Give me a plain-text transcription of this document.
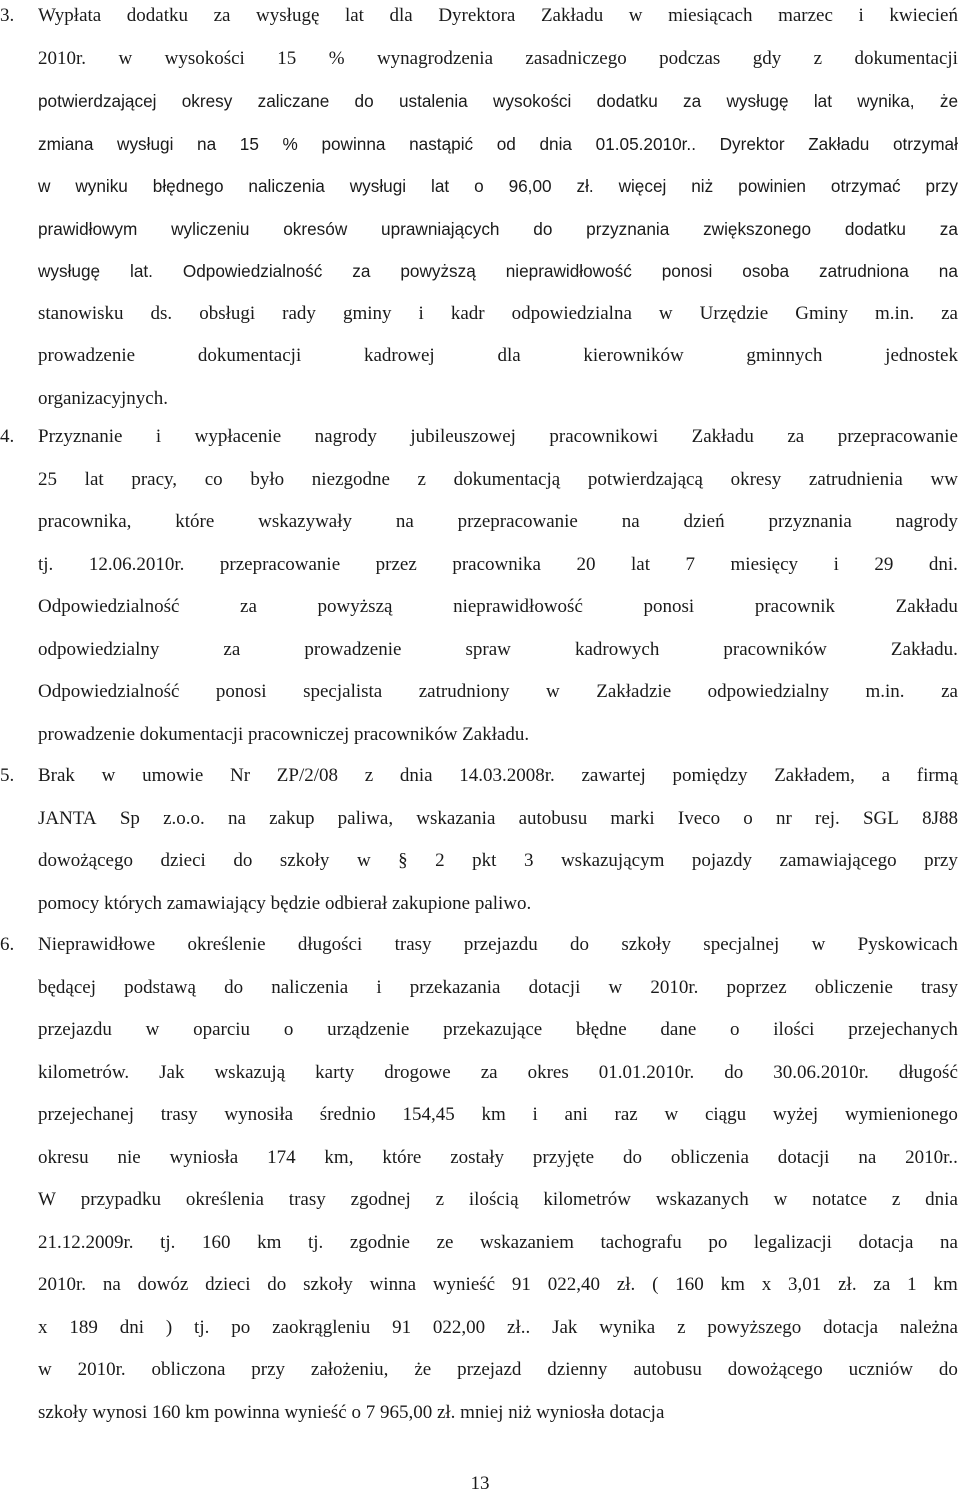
3.	Wypłata dodatku za wysługę lat dla Dyrektora Zakładu w miesiącach marzec i kwiecień
2010r. w wysokości 15 % wynagrodzenia zasadniczego podczas gdy z dokumentacji
potwierdzającej okresy zaliczane do ustalenia wysokości dodatku za wysługę lat wynika, że
zmiana wysługi na 15 % powinna nastąpić od dnia 01.05.2010r.. Dyrektor Zakładu otrzymał
w wyniku błędnego naliczenia wysługi lat o 96,00 zł. więcej niż powinien otrzymać przy
prawidłowym wyliczeniu okresów uprawniających do przyznania zwiększonego dodatku za
wysługę lat. Odpowiedzialność za powyższą nieprawidłowość ponosi osoba zatrudniona na
stanowisku ds. obsługi rady gminy i kadr odpowiedzialna w Urzędzie Gminy m.in. za
prowadzenie	dokumentacji	kadrowej	dla	kierowników	gminnych	jednostek
organizacyjnych.
4.	Przyznanie i wypłacenie nagrody jubileuszowej pracownikowi Zakładu za przepracowanie
25 lat pracy, co było niezgodne z dokumentacją potwierdzającą okresy zatrudnienia ww
pracownika, które wskazywały na przepracowanie na dzień przyznania nagrody
tj. 12.06.2010r. przepracowanie przez pracownika 20 lat 7 miesięcy i 29 dni.
Odpowiedzialność	za	powyższą	nieprawidłowość	ponosi	pracownik	Zakładu
odpowiedzialny	za	prowadzenie	spraw	kadrowych	pracowników	Zakładu.
Odpowiedzialność ponosi specjalista zatrudniony w Zakładzie odpowiedzialny m.in. za
prowadzenie dokumentacji pracowniczej pracowników Zakładu.
5.	Brak w umowie Nr ZP/2/08 z dnia 14.03.2008r. zawartej pomiędzy Zakładem, a firmą
JANTA Sp z.o.o. na zakup paliwa, wskazania autobusu marki Iveco o nr rej. SGL 8J88
dowożącego dzieci do szkoły w § 2 pkt 3 wskazującym pojazdy zamawiającego przy
pomocy których zamawiający będzie odbierał zakupione paliwo.
6.	Nieprawidłowe określenie długości trasy przejazdu do szkoły specjalnej w Pyskowicach
będącej podstawą do naliczenia i przekazania dotacji w 2010r. poprzez obliczenie trasy
przejazdu w oparciu o urządzenie przekazujące błędne dane o ilości przejechanych
kilometrów. Jak wskazują karty drogowe za okres 01.01.2010r. do 30.06.2010r. długość
przejechanej trasy wynosiła średnio 154,45 km i ani raz w ciągu wyżej wymienionego
okresu nie wyniosła 174 km, które zostały przyjęte do obliczenia dotacji na 2010r..
W przypadku określenia trasy zgodnej z ilością kilometrów wskazanych w notatce z dnia
21.12.2009r. tj. 160 km tj. zgodnie ze wskazaniem tachografu po legalizacji dotacja na
2010r. na dowóz dzieci do szkoły winna wynieść 91 022,40 zł. ( 160 km x 3,01 zł. za 1 km
x 189 dni ) tj. po zaokrągleniu 91 022,00 zł.. Jak wynika z powyższego dotacja należna
w 2010r. obliczona przy założeniu, że przejazd dzienny autobusu dowożącego uczniów do
szkoły wynosi 160 km powinna wynieść o 7 965,00 zł. mniej niż wyniosła dotacja
13
